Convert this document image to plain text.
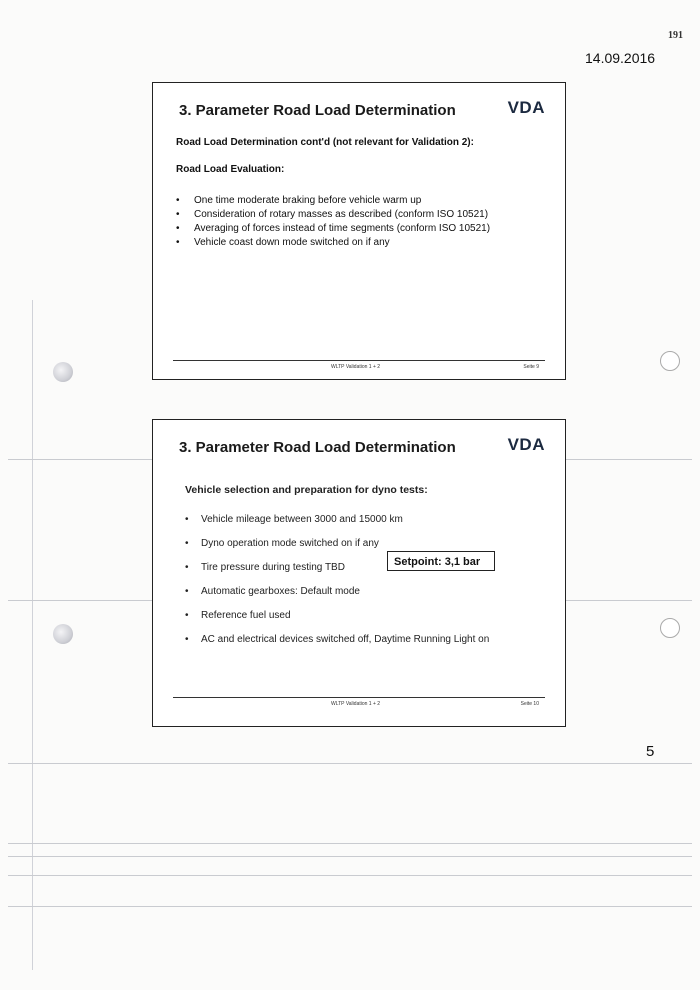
191
14.09.2016
3. Parameter Road Load Determination	VDA
Road Load Determination cont'd (not relevant for Validation 2):
Road Load Evaluation:
• One time moderate braking before vehicle warm up
• Consideration of rotary masses as described (conform ISO 10521)
• Averaging of forces instead of time segments (conform ISO 10521)
• Vehicle coast down mode switched on if any
WLTP Validation 1 + 2	Seite 9
3. Parameter Road Load Determination	VDA
Vehicle selection and preparation for dyno tests:
• Vehicle mileage between 3000 and 15000 km
• Dyno operation mode switched on if any
• Tire pressure during testing TBD
• Automatic gearboxes: Default mode
• Reference fuel used
• AC and electrical devices switched off, Daytime Running Light on
Setpoint: 3,1 bar
WLTP Validation 1 + 2	Seite 10
5
